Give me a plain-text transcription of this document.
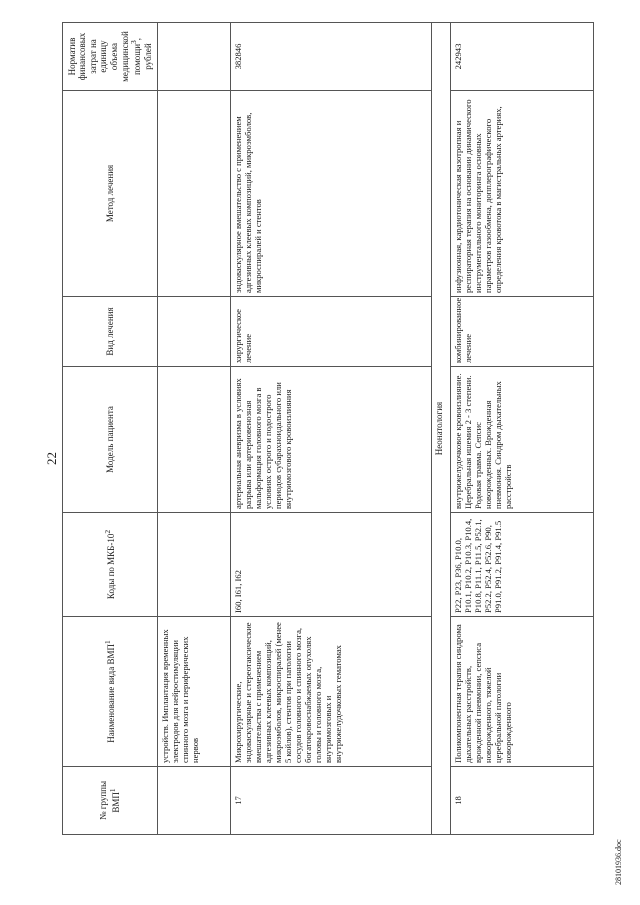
22
№ группы ВМП$^1$	Наименование вида ВМП$^1$	Коды по МКБ-$10^2$	Модель пациента	Вид лечения	Метод лечения	Норматив финансовых затрат на единицу объема медицинской помощи$^3$, рублей
	устройств. Имплантация временных электродов для нейростимуляции спинного мозга и периферических нервов					
17	Микрохирургические, эндоваскулярные и стереотаксические вмешательства с применением адгезивных клеевых композиций, микроэмболов, микроспиралей (менее 5 койлов), стентов при патологии сосудов головного и спинного мозга, богатокровоснабжаемых опухолях головы и головного мозга, внутримозговых и внутрижелудочковых гематомах	I60, I61, I62	артериальная аневризма в условиях разрыва или артериовенозная мальформация головного мозга в условиях острого и подострого периодов субарахноидального или внутримозгового кровоизлияния	хирургическое лечение	эндоваскулярное вмешательство с применением адгезивных клеевых композиций, микроэмболов, микроспиралей и стентов	382846
Неонатология						
18	Поликомпонентная терапия синдрома дыхательных расстройств, врожденной пневмонии, сепсиса новорожденного, тяжелой церебральной патологии новорожденного	P22, P23, P36, P10.0, P10.1, P10.2, P10.3, P10.4, P10.8, P11.1, P11.5, P52.1, P52.2, P52.4, P52.6, P90, P91.0, P91.2, P91.4, P91.5	внутрижелудочковое кровоизлияние. Церебральная ишемия 2 - 3 степени. Родовая травма. Сепсис новорожденных. Врожденная пневмония. Синдром дыхательных расстройств	комбинированное лечение	инфузионная, кардиотоническая вазотропная и респираторная терапия на основании динамического инструментального мониторинга основных параметров газообмена, допплерографического определения кровотока в магистральных артериях,	242943
28101936.doc
